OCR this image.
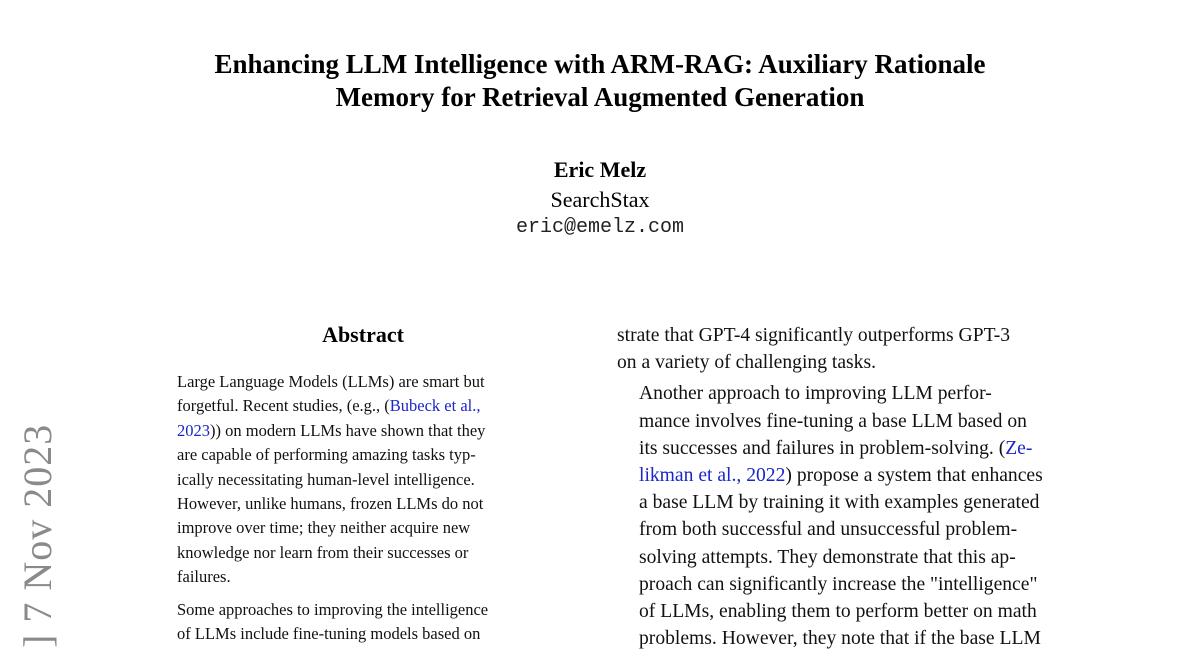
Enhancing LLM Intelligence with ARM-RAG: Auxiliary Rationale
Memory for Retrieval Augmented Generation
Eric Melz
SearchStax
eric@emelz.com
Abstract

Large Language Models (LLMs) are smart but
forgetful. Recent studies, (e.g., (Bubeck et al.,
2023)) on modern LLMs have shown that they
are capable of performing amazing tasks typ-
ically necessitating human-level intelligence.
However, unlike humans, frozen LLMs do not
improve over time; they neither acquire new
knowledge nor learn from their successes or
failures.

Some approaches to improving the intelligence
of LLMs include fine-tuning models based on

strate that GPT-4 significantly outperforms GPT-3
on a variety of challenging tasks.

Another approach to improving LLM perfor-
mance involves fine-tuning a base LLM based on
its successes and failures in problem-solving. (Ze-
likman et al., 2022) propose a system that enhances
a base LLM by training it with examples generated
from both successful and unsuccessful problem-
solving attempts. They demonstrate that this ap-
proach can significantly increase the "intelligence"
of LLMs, enabling them to perform better on math
problems. However, they note that if the base LLM

] 7 Nov 2023
